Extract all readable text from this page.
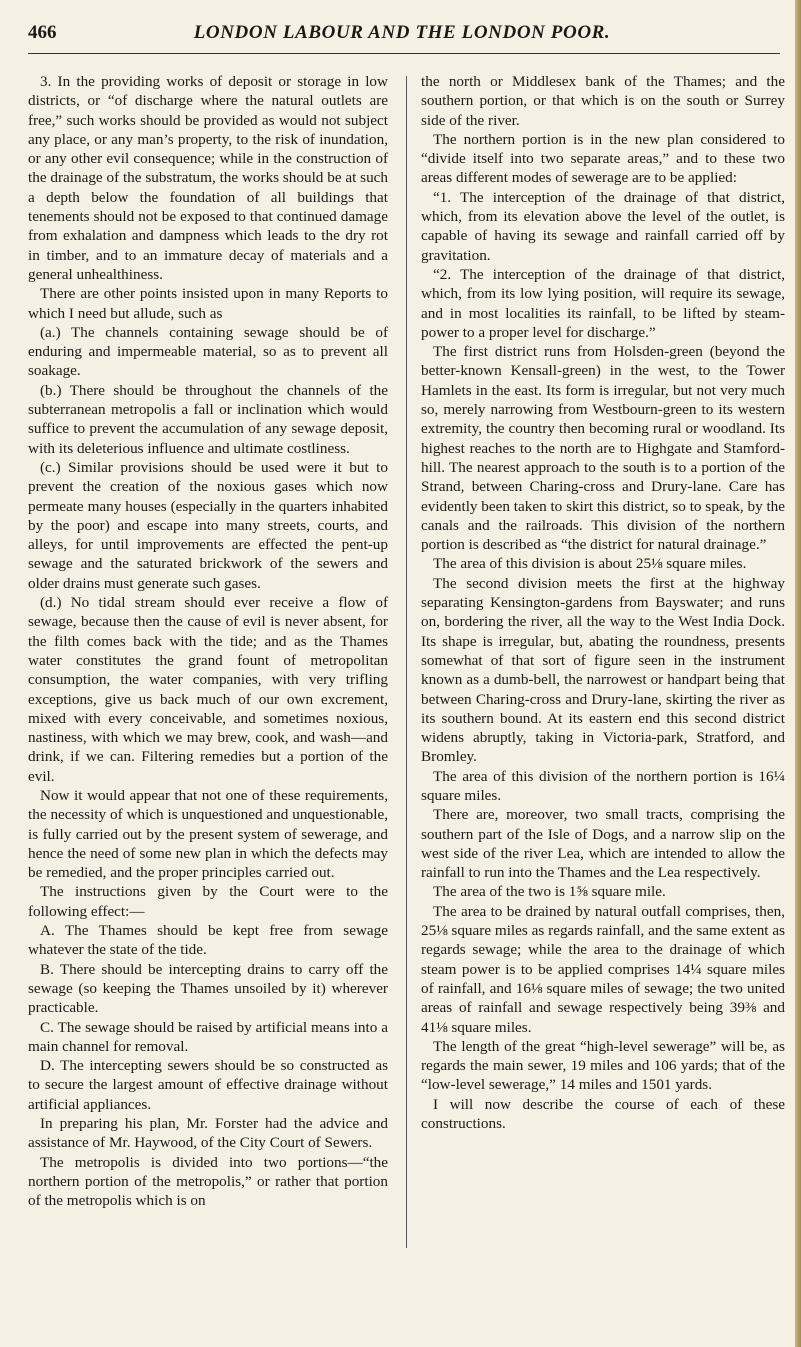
466	LONDON LABOUR AND THE LONDON POOR.

3. In the providing works of deposit or storage in low districts, or “of discharge where the natural outlets are free,” such works should be provided as would not subject any place, or any man’s property, to the risk of inundation, or any other evil consequence; while in the construction of the drainage of the substratum, the works should be at such a depth below the foundation of all buildings that tenements should not be exposed to that continued damage from exhalation and dampness which leads to the dry rot in timber, and to an immature decay of materials and a general unhealthiness.

There are other points insisted upon in many Reports to which I need but allude, such as

(a.) The channels containing sewage should be of enduring and impermeable material, so as to prevent all soakage.

(b.) There should be throughout the channels of the subterranean metropolis a fall or inclination which would suffice to prevent the accumulation of any sewage deposit, with its deleterious influence and ultimate costliness.

(c.) Similar provisions should be used were it but to prevent the creation of the noxious gases which now permeate many houses (especially in the quarters inhabited by the poor) and escape into many streets, courts, and alleys, for until improvements are effected the pent-up sewage and the saturated brickwork of the sewers and older drains must generate such gases.

(d.) No tidal stream should ever receive a flow of sewage, because then the cause of evil is never absent, for the filth comes back with the tide; and as the Thames water constitutes the grand fount of metropolitan consumption, the water companies, with very trifling exceptions, give us back much of our own excrement, mixed with every conceivable, and sometimes noxious, nastiness, with which we may brew, cook, and wash—and drink, if we can. Filtering remedies but a portion of the evil.

Now it would appear that not one of these requirements, the necessity of which is unquestioned and unquestionable, is fully carried out by the present system of sewerage, and hence the need of some new plan in which the defects may be remedied, and the proper principles carried out.

The instructions given by the Court were to the following effect:—

A. The Thames should be kept free from sewage whatever the state of the tide.

B. There should be intercepting drains to carry off the sewage (so keeping the Thames unsoiled by it) wherever practicable.

C. The sewage should be raised by artificial means into a main channel for removal.

D. The intercepting sewers should be so constructed as to secure the largest amount of effective drainage without artificial appliances.

In preparing his plan, Mr. Forster had the advice and assistance of Mr. Haywood, of the City Court of Sewers.

The metropolis is divided into two portions—“the northern portion of the metropolis,” or rather that portion of the metropolis which is on

the north or Middlesex bank of the Thames; and the southern portion, or that which is on the south or Surrey side of the river.

The northern portion is in the new plan considered to “divide itself into two separate areas,” and to these two areas different modes of sewerage are to be applied:

“1. The interception of the drainage of that district, which, from its elevation above the level of the outlet, is capable of having its sewage and rainfall carried off by gravitation.

“2. The interception of the drainage of that district, which, from its low lying position, will require its sewage, and in most localities its rainfall, to be lifted by steam-power to a proper level for discharge.”

The first district runs from Holsden-green (beyond the better-known Kensall-green) in the west, to the Tower Hamlets in the east. Its form is irregular, but not very much so, merely narrowing from Westbourn-green to its western extremity, the country then becoming rural or woodland. Its highest reaches to the north are to Highgate and Stamford-hill. The nearest approach to the south is to a portion of the Strand, between Charing-cross and Drury-lane. Care has evidently been taken to skirt this district, so to speak, by the canals and the railroads. This division of the northern portion is described as “the district for natural drainage.”

The area of this division is about 25⅛ square miles.

The second division meets the first at the highway separating Kensington-gardens from Bayswater; and runs on, bordering the river, all the way to the West India Dock. Its shape is irregular, but, abating the roundness, presents somewhat of that sort of figure seen in the instrument known as a dumb-bell, the narrowest or handpart being that between Charing-cross and Drury-lane, skirting the river as its southern bound. At its eastern end this second district widens abruptly, taking in Victoria-park, Stratford, and Bromley.

The area of this division of the northern portion is 16¼ square miles.

There are, moreover, two small tracts, comprising the southern part of the Isle of Dogs, and a narrow slip on the west side of the river Lea, which are intended to allow the rainfall to run into the Thames and the Lea respectively.

The area of the two is 1⅝ square mile.

The area to be drained by natural outfall comprises, then, 25⅛ square miles as regards rainfall, and the same extent as regards sewage; while the area to the drainage of which steam power is to be applied comprises 14¼ square miles of rainfall, and 16⅛ square miles of sewage; the two united areas of rainfall and sewage respectively being 39⅜ and 41⅛ square miles.

The length of the great “high-level sewerage” will be, as regards the main sewer, 19 miles and 106 yards; that of the “low-level sewerage,” 14 miles and 1501 yards.

I will now describe the course of each of these constructions.
